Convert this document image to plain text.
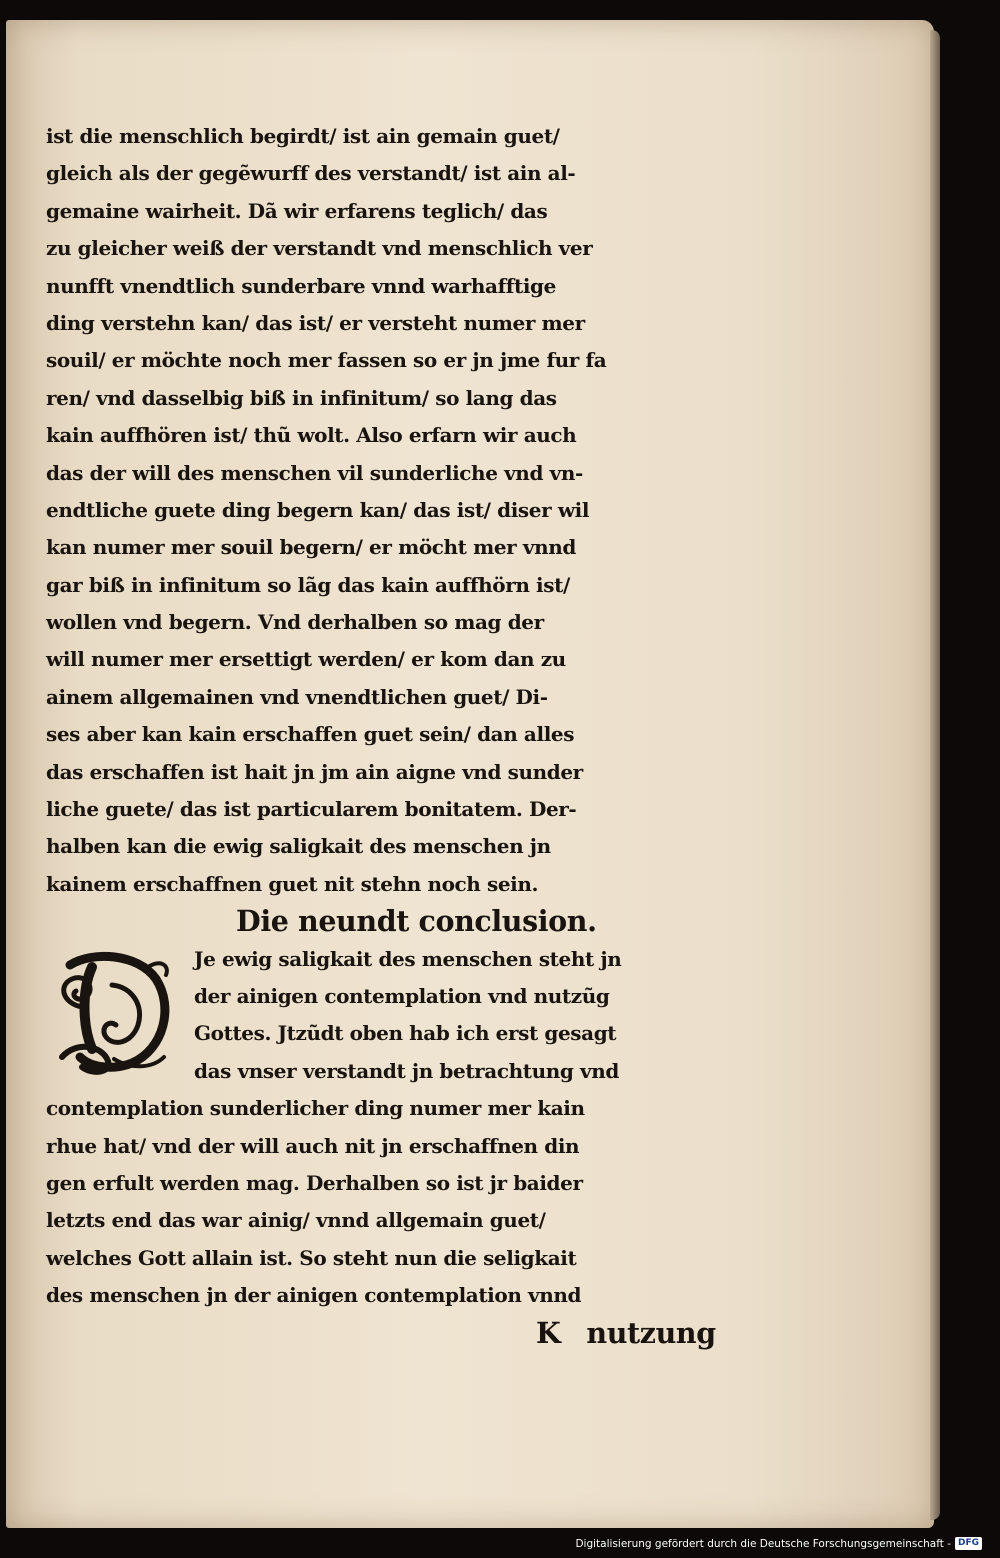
ist die menschlich begirdt/ ist ain gemain guet/
gleich als der gegẽwurff des verstandt/ ist ain al-
gemaine wairheit. Dã wir erfarens teglich/ das
zu gleicher weiß der verstandt vnd menschlich ver
nunfft vnendtlich sunderbare vnnd warhafftige
ding verstehn kan/ das ist/ er versteht numer mer
souil/ er möchte noch mer fassen so er jn jme fur fa
ren/ vnd dasselbig biß in infinitum/ so lang das
kain auffhören ist/ thũ wolt. Also erfarn wir auch
das der will des menschen vil sunderliche vnd vn-
endtliche guete ding begern kan/ das ist/ diser wil
kan numer mer souil begern/ er möcht mer vnnd
gar biß in infinitum so lãg das kain auffhörn ist/
wollen vnd begern. Vnd derhalben so mag der
will numer mer ersettigt werden/ er kom dan zu
ainem allgemainen vnd vnendtlichen guet/ Di-
ses aber kan kain erschaffen guet sein/ dan alles
das erschaffen ist hait jn jm ain aigne vnd sunder
liche guete/ das ist particularem bonitatem. Der-
halben kan die ewig saligkait des menschen jn
kainem erschaffnen guet nit stehn noch sein.
Die neundt conclusion.
Je ewig saligkait des menschen steht jn
der ainigen contemplation vnd nutzũg
Gottes. Jtzũdt oben hab ich erst gesagt
das vnser verstandt jn betrachtung vnd
contemplation sunderlicher ding numer mer kain
rhue hat/ vnd der will auch nit jn erschaffnen din
gen erfult werden mag. Derhalben so ist jr baider
letzts end das war ainig/ vnnd allgemain guet/
welches Gott allain ist. So steht nun die seligkait
des menschen jn der ainigen contemplation vnnd
K nutzung
Digitalisierung gefördert durch die Deutsche Forschungsgemeinschaft - DFG
